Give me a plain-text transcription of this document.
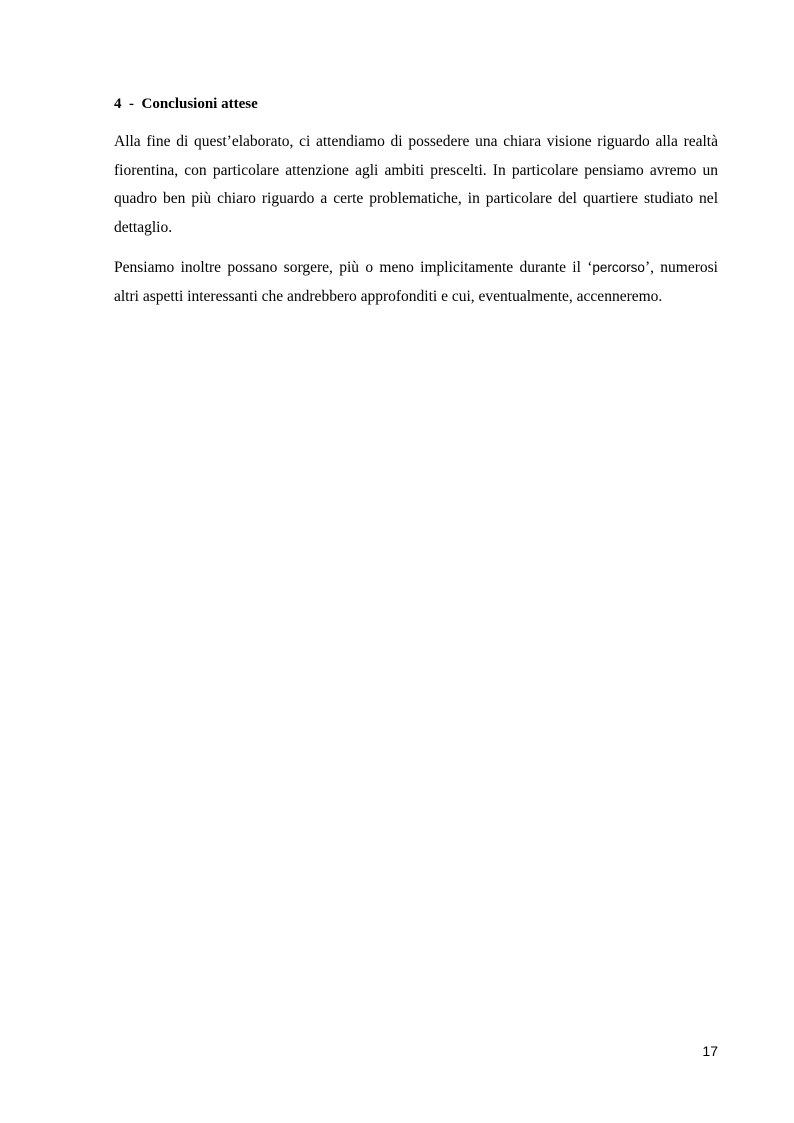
4  -  Conclusioni attese

Alla fine di quest’elaborato, ci attendiamo di possedere una chiara visione riguardo alla realtà fiorentina, con particolare attenzione agli ambiti prescelti. In particolare pensiamo avremo un quadro ben più chiaro riguardo a certe problematiche, in particolare del quartiere studiato nel dettaglio.

Pensiamo inoltre possano sorgere, più o meno implicitamente durante il ‘percorso’, numerosi altri aspetti interessanti che andrebbero approfonditi e cui, eventualmente, accenneremo.

17
